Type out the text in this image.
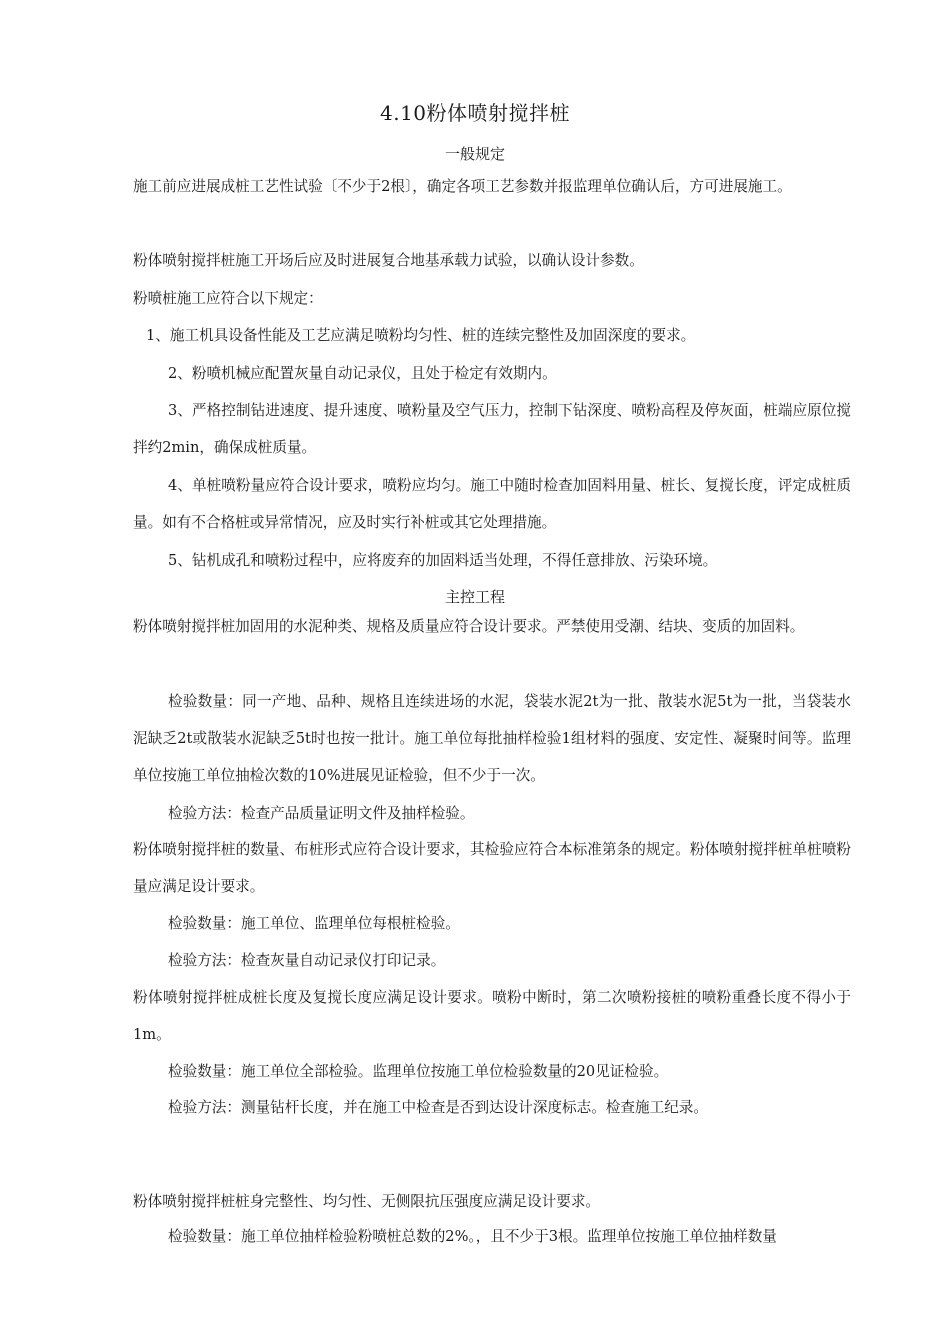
4.10粉体喷射搅拌桩
一般规定

施工前应进展成桩工艺性试验〔不少于2根〕，确定各项工艺参数并报监理单位确认后，方可进展施工。

粉体喷射搅拌桩施工开场后应及时进展复合地基承载力试验，以确认设计参数。

粉喷桩施工应符合以下规定：

1、施工机具设备性能及工艺应满足喷粉均匀性、桩的连续完整性及加固深度的要求。

2、粉喷机械应配置灰量自动记录仪，且处于检定有效期内。

3、严格控制钻进速度、提升速度、喷粉量及空气压力，控制下钻深度、喷粉高程及停灰面，桩端应原位搅拌约2min，确保成桩质量。

4、单桩喷粉量应符合设计要求，喷粉应均匀。施工中随时检查加固料用量、桩长、复搅长度，评定成桩质量。如有不合格桩或异常情况，应及时实行补桩或其它处理措施。

5、钻机成孔和喷粉过程中，应将废弃的加固料适当处理，不得任意排放、污染环境。

主控工程

粉体喷射搅拌桩加固用的水泥种类、规格及质量应符合设计要求。严禁使用受潮、结块、变质的加固料。

检验数量：同一产地、品种、规格且连续进场的水泥，袋装水泥2t为一批、散装水泥5t为一批，当袋装水泥缺乏2t或散装水泥缺乏5t时也按一批计。施工单位每批抽样检验1组材料的强度、安定性、凝聚时间等。监理单位按施工单位抽检次数的10%进展见证检验，但不少于一次。

检验方法：检查产品质量证明文件及抽样检验。

粉体喷射搅拌桩的数量、布桩形式应符合设计要求，其检验应符合本标准第条的规定。粉体喷射搅拌桩单桩喷粉量应满足设计要求。

检验数量：施工单位、监理单位每根桩检验。

检验方法：检查灰量自动记录仪打印记录。

粉体喷射搅拌桩成桩长度及复搅长度应满足设计要求。喷粉中断时，第二次喷粉接桩的喷粉重叠长度不得小于1m。

检验数量：施工单位全部检验。监理单位按施工单位检验数量的20见证检验。

检验方法：测量钻杆长度，并在施工中检查是否到达设计深度标志。检查施工纪录。

粉体喷射搅拌桩桩身完整性、均匀性、无侧限抗压强度应满足设计要求。

检验数量：施工单位抽样检验粉喷桩总数的2%。，且不少于3根。监理单位按施工单位抽样数量
